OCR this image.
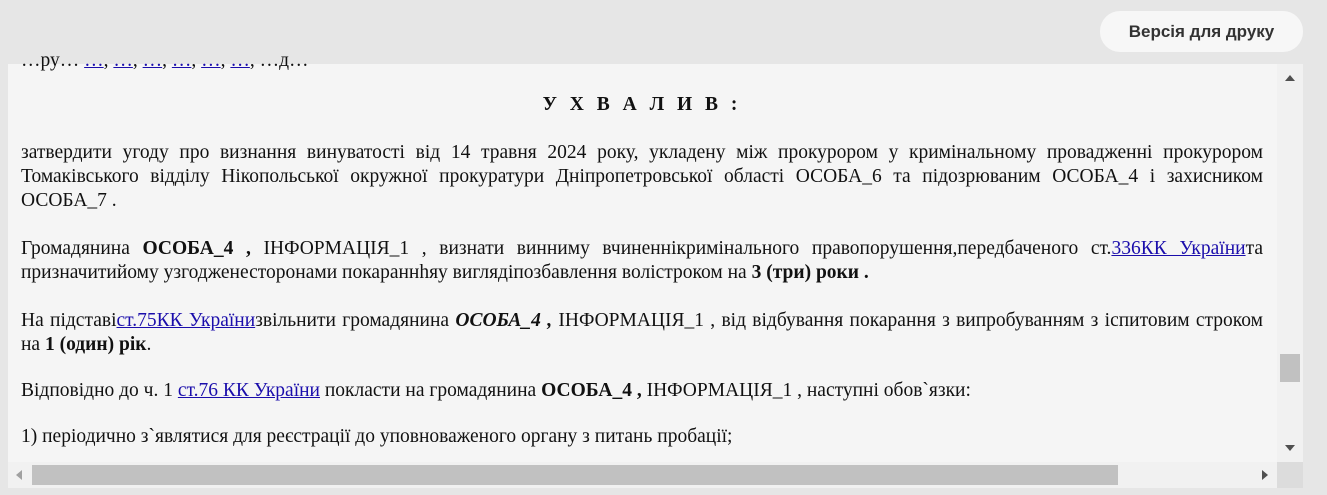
Версія для друку
…ру… …, …, …, …, …, …, …д…
У Х В А Л И В :
затвердити угоду про визнання винуватості від 14 травня 2024 року, укладену між прокурором у кримінальному провадженні прокурором Томаківського відділу Нікопольської окружної прокуратури Дніпропетровської області ОСОБА_6 та підозрюваним ОСОБА_4 і захисником ОСОБА_7 .
Громадянина ОСОБА_4 , ІНФОРМАЦІЯ_1 , визнати винниму вчиненнікримінального правопорушення,передбаченого ст.336КК Українита призначитийому узгодженесторонами покараннhяу виглядіпозбавлення волістроком на 3 (три) роки .
На підставіст.75КК Українизвільнити громадянина ОСОБА_4 , ІНФОРМАЦІЯ_1 , від відбування покарання з випробуванням з іспитовим строком на 1 (один) рік.
Відповідно до ч. 1 ст.76 КК України покласти на громадянина ОСОБА_4 , ІНФОРМАЦІЯ_1 , наступні обов`язки:
1) періодично з`являтися для реєстрації до уповноваженого органу з питань пробації;
